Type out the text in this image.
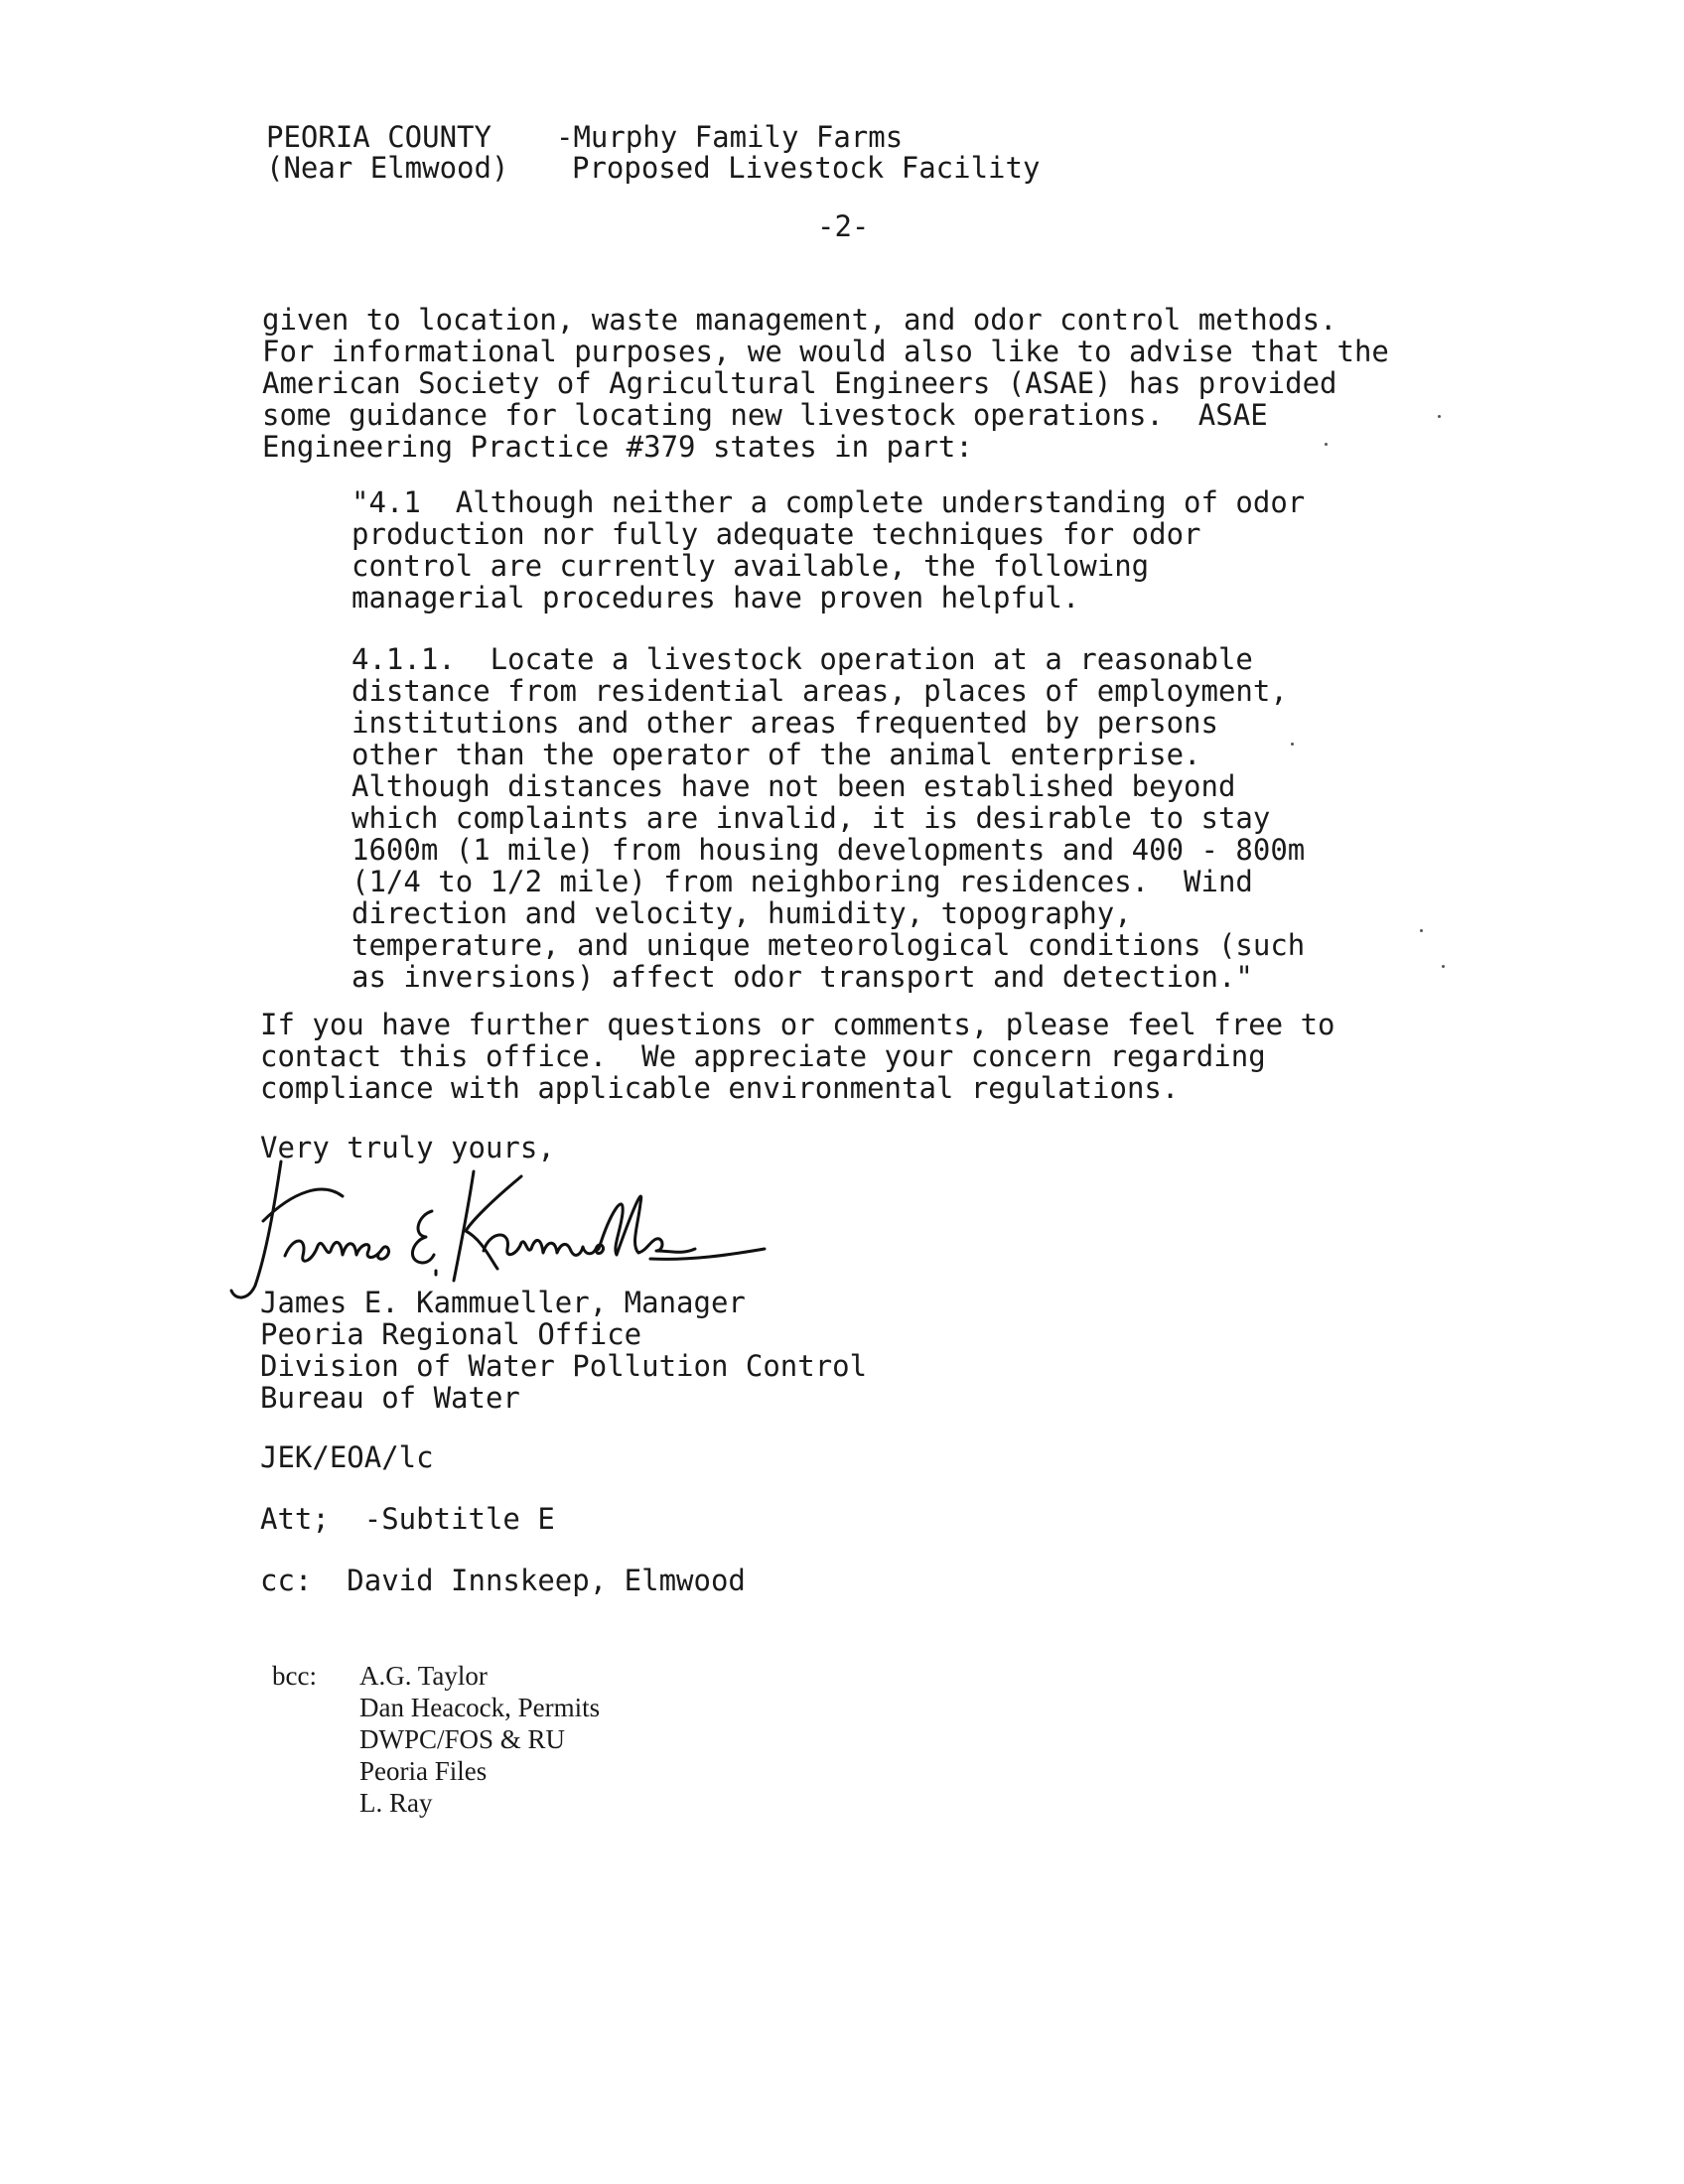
PEORIA COUNTY
(Near Elmwood)
-Murphy Family Farms
Proposed Livestock Facility
-2-
given to location, waste management, and odor control methods.
For informational purposes, we would also like to advise that the
American Society of Agricultural Engineers (ASAE) has provided
some guidance for locating new livestock operations.  ASAE
Engineering Practice #379 states in part:
"4.1  Although neither a complete understanding of odor
production nor fully adequate techniques for odor
control are currently available, the following
managerial procedures have proven helpful.
4.1.1.  Locate a livestock operation at a reasonable
distance from residential areas, places of employment,
institutions and other areas frequented by persons
other than the operator of the animal enterprise.
Although distances have not been established beyond
which complaints are invalid, it is desirable to stay
1600m (1 mile) from housing developments and 400 - 800m
(1/4 to 1/2 mile) from neighboring residences.  Wind
direction and velocity, humidity, topography,
temperature, and unique meteorological conditions (such
as inversions) affect odor transport and detection."
If you have further questions or comments, please feel free to
contact this office.  We appreciate your concern regarding
compliance with applicable environmental regulations.
Very truly yours,
James E. Kammueller, Manager
Peoria Regional Office
Division of Water Pollution Control
Bureau of Water
JEK/EOA/lc
Att;  -Subtitle E
cc:  David Innskeep, Elmwood
bcc: A.G. Taylor
Dan Heacock, Permits
DWPC/FOS & RU
Peoria Files
L. Ray
